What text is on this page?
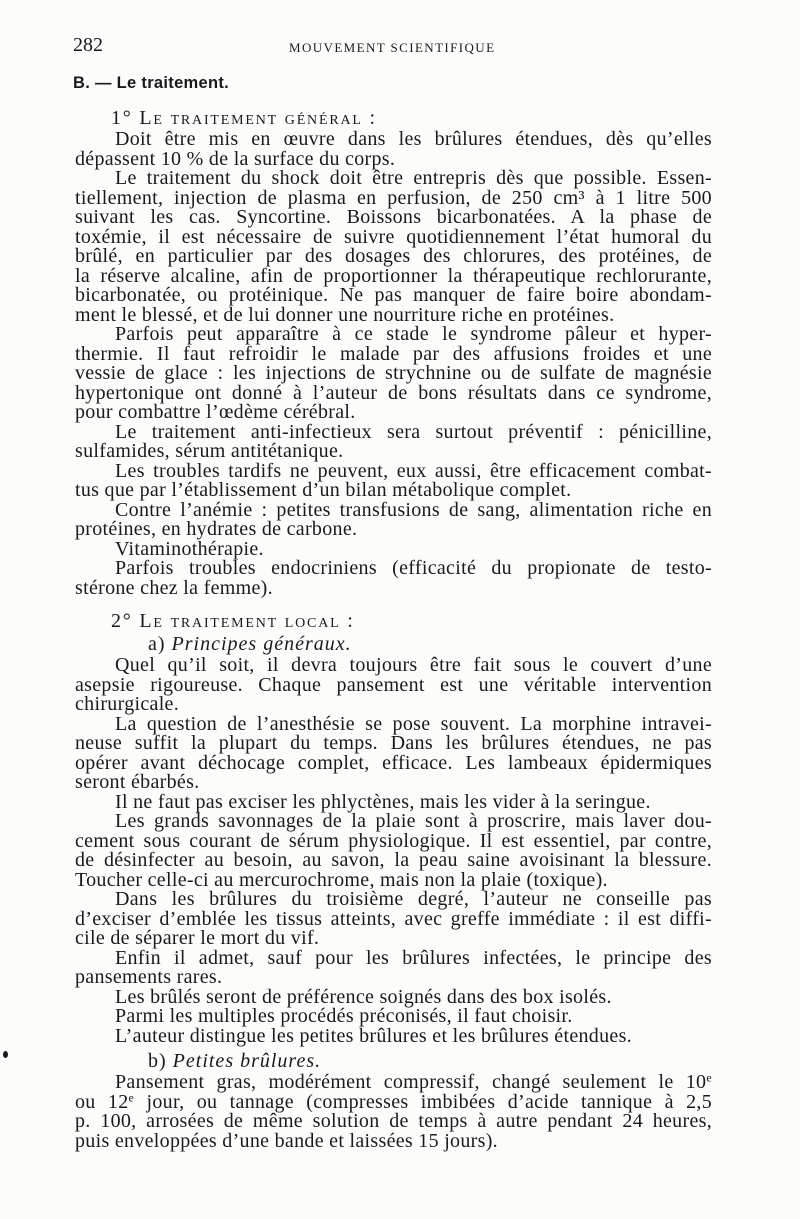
282	MOUVEMENT SCIENTIFIQUE
B. — Le traitement.
1° Le traitement général :
Doit être mis en œuvre dans les brûlures étendues, dès qu’elles
dépassent 10 % de la surface du corps.
Le traitement du shock doit être entrepris dès que possible. Essen-
tiellement, injection de plasma en perfusion, de 250 cm³ à 1 litre 500
suivant les cas. Syncortine. Boissons bicarbonatées. A la phase de
toxémie, il est nécessaire de suivre quotidiennement l’état humoral du
brûlé, en particulier par des dosages des chlorures, des protéines, de
la réserve alcaline, afin de proportionner la thérapeutique rechlorurante,
bicarbonatée, ou protéinique. Ne pas manquer de faire boire abondam-
ment le blessé, et de lui donner une nourriture riche en protéines.
Parfois peut apparaître à ce stade le syndrome pâleur et hyper-
thermie. Il faut refroidir le malade par des affusions froides et une
vessie de glace : les injections de strychnine ou de sulfate de magnésie
hypertonique ont donné à l’auteur de bons résultats dans ce syndrome,
pour combattre l’œdème cérébral.
Le traitement anti-infectieux sera surtout préventif : pénicilline,
sulfamides, sérum antitétanique.
Les troubles tardifs ne peuvent, eux aussi, être efficacement combat-
tus que par l’établissement d’un bilan métabolique complet.
Contre l’anémie : petites transfusions de sang, alimentation riche en
protéines, en hydrates de carbone.
Vitaminothérapie.
Parfois troubles endocriniens (efficacité du propionate de testo-
stérone chez la femme).
2° Le traitement local :
a) Principes généraux.
Quel qu’il soit, il devra toujours être fait sous le couvert d’une
asepsie rigoureuse. Chaque pansement est une véritable intervention
chirurgicale.
La question de l’anesthésie se pose souvent. La morphine intravei-
neuse suffit la plupart du temps. Dans les brûlures étendues, ne pas
opérer avant déchocage complet, efficace. Les lambeaux épidermiques
seront ébarbés.
Il ne faut pas exciser les phlyctènes, mais les vider à la seringue.
Les grands savonnages de la plaie sont à proscrire, mais laver dou-
cement sous courant de sérum physiologique. Il est essentiel, par contre,
de désinfecter au besoin, au savon, la peau saine avoisinant la blessure.
Toucher celle-ci au mercurochrome, mais non la plaie (toxique).
Dans les brûlures du troisième degré, l’auteur ne conseille pas
d’exciser d’emblée les tissus atteints, avec greffe immédiate : il est diffi-
cile de séparer le mort du vif.
Enfin il admet, sauf pour les brûlures infectées, le principe des
pansements rares.
Les brûlés seront de préférence soignés dans des box isolés.
Parmi les multiples procédés préconisés, il faut choisir.
L’auteur distingue les petites brûlures et les brûlures étendues.
b) Petites brûlures.
Pansement gras, modérément compressif, changé seulement le 10e
ou 12e jour, ou tannage (compresses imbibées d’acide tannique à 2,5
p. 100, arrosées de même solution de temps à autre pendant 24 heures,
puis enveloppées d’une bande et laissées 15 jours).
